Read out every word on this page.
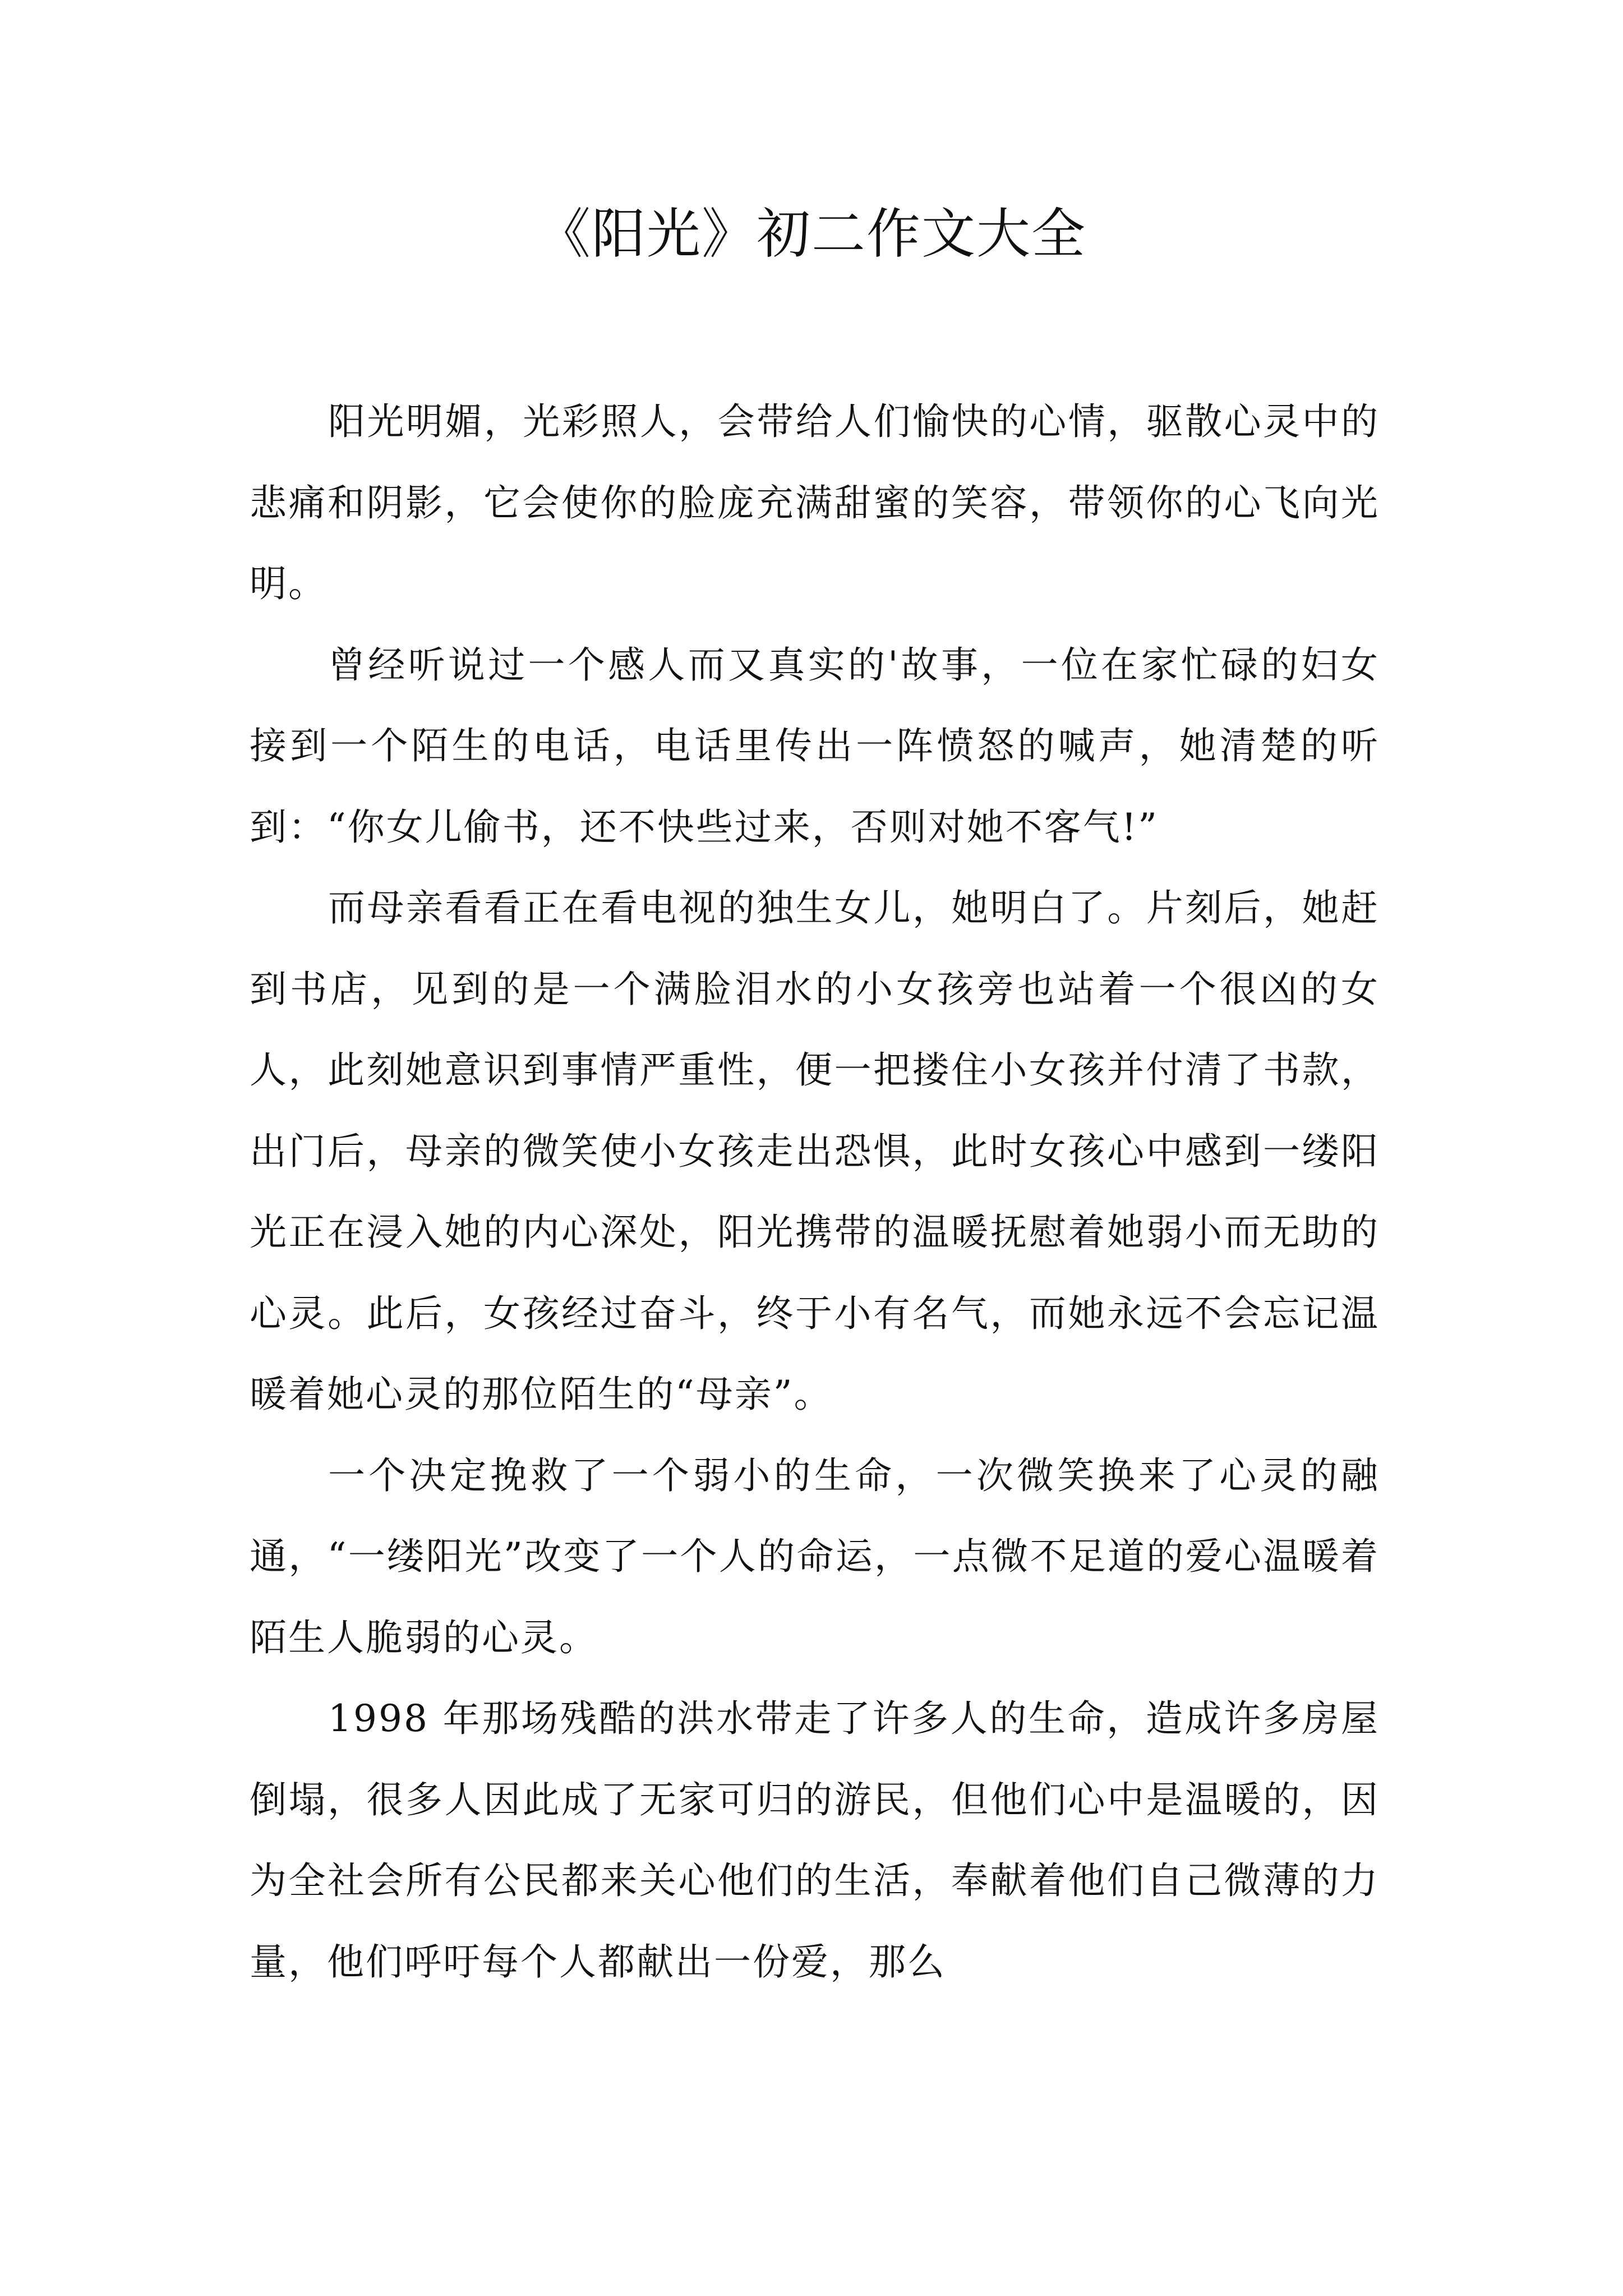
《阳光》初二作文大全

阳光明媚，光彩照人，会带给人们愉快的心情，驱散心灵中的悲痛和阴影，它会使你的脸庞充满甜蜜的笑容，带领你的心飞向光明。

曾经听说过一个感人而又真实的'故事，一位在家忙碌的妇女接到一个陌生的电话，电话里传出一阵愤怒的喊声，她清楚的听到：“你女儿偷书，还不快些过来，否则对她不客气!”

而母亲看看正在看电视的独生女儿，她明白了。片刻后，她赶到书店，见到的是一个满脸泪水的小女孩旁也站着一个很凶的女人，此刻她意识到事情严重性，便一把搂住小女孩并付清了书款，出门后，母亲的微笑使小女孩走出恐惧，此时女孩心中感到一缕阳光正在浸入她的内心深处，阳光携带的温暖抚慰着她弱小而无助的心灵。此后，女孩经过奋斗，终于小有名气，而她永远不会忘记温暖着她心灵的那位陌生的“母亲”。

一个决定挽救了一个弱小的生命，一次微笑换来了心灵的融通，“一缕阳光”改变了一个人的命运，一点微不足道的爱心温暖着陌生人脆弱的心灵。

1998 年那场残酷的洪水带走了许多人的生命，造成许多房屋倒塌，很多人因此成了无家可归的游民，但他们心中是温暖的，因为全社会所有公民都来关心他们的生活，奉献着他们自己微薄的力量，他们呼吁每个人都献出一份爱，那么
